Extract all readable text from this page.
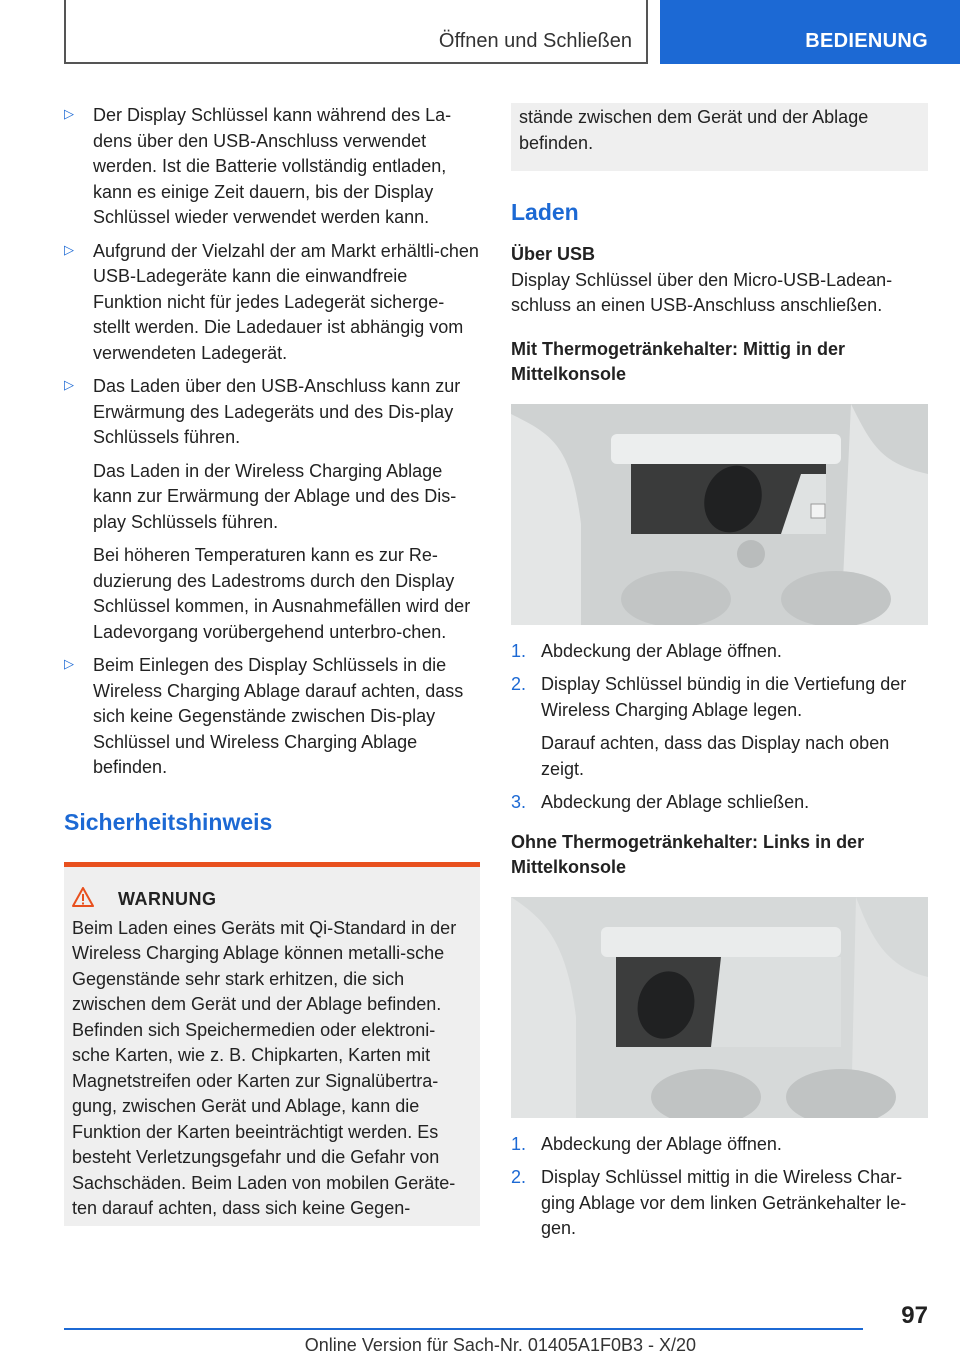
Öffnen und Schließen	BEDIENUNG
▷	Der Display Schlüssel kann während des La-dens über den USB-Anschluss verwendet werden. Ist die Batterie vollständig entladen, kann es einige Zeit dauern, bis der Display Schlüssel wieder verwendet werden kann.

▷	Aufgrund der Vielzahl der am Markt erhältli-chen USB-Ladegeräte kann die einwandfreie Funktion nicht für jedes Ladegerät sicherge-stellt werden. Die Ladedauer ist abhängig vom verwendeten Ladegerät.

▷	Das Laden über den USB-Anschluss kann zur Erwärmung des Ladegeräts und des Dis-play Schlüssels führen.

Das Laden in der Wireless Charging Ablage kann zur Erwärmung der Ablage und des Dis-play Schlüssels führen.

Bei höheren Temperaturen kann es zur Re-duzierung des Ladestroms durch den Display Schlüssel kommen, in Ausnahmefällen wird der Ladevorgang vorübergehend unterbro-chen.

▷	Beim Einlegen des Display Schlüssels in die Wireless Charging Ablage darauf achten, dass sich keine Gegenstände zwischen Dis-play Schlüssel und Wireless Charging Ablage befinden.

Sicherheitshinweis
WARNUNG

Beim Laden eines Geräts mit Qi-Standard in der Wireless Charging Ablage können metalli-sche Gegenstände sehr stark erhitzen, die sich zwischen dem Gerät und der Ablage befinden. Befinden sich Speichermedien oder elektroni-sche Karten, wie z. B. Chipkarten, Karten mit Magnetstreifen oder Karten zur Signalübertra-gung, zwischen Gerät und Ablage, kann die Funktion der Karten beeinträchtigt werden. Es besteht Verletzungsgefahr und die Gefahr von Sachschäden. Beim Laden von mobilen Geräte-ten darauf achten, dass sich keine Gegen-

stände zwischen dem Gerät und der Ablage befinden.

Laden

Über USB

Display Schlüssel über den Micro-USB-Ladean-schluss an einen USB-Anschluss anschließen.

Mit Thermogetränkehalter: Mittig in der Mittelkonsole

1. Abdeckung der Ablage öffnen.

2. Display Schlüssel bündig in die Vertiefung der Wireless Charging Ablage legen.

Darauf achten, dass das Display nach oben zeigt.

3. Abdeckung der Ablage schließen.

Ohne Thermogetränkehalter: Links in der Mittelkonsole

1. Abdeckung der Ablage öffnen.

2. Display Schlüssel mittig in die Wireless Char-ging Ablage vor dem linken Getränkehalter le-gen.

97
Online Version für Sach-Nr. 01405A1F0B3 - X/20
